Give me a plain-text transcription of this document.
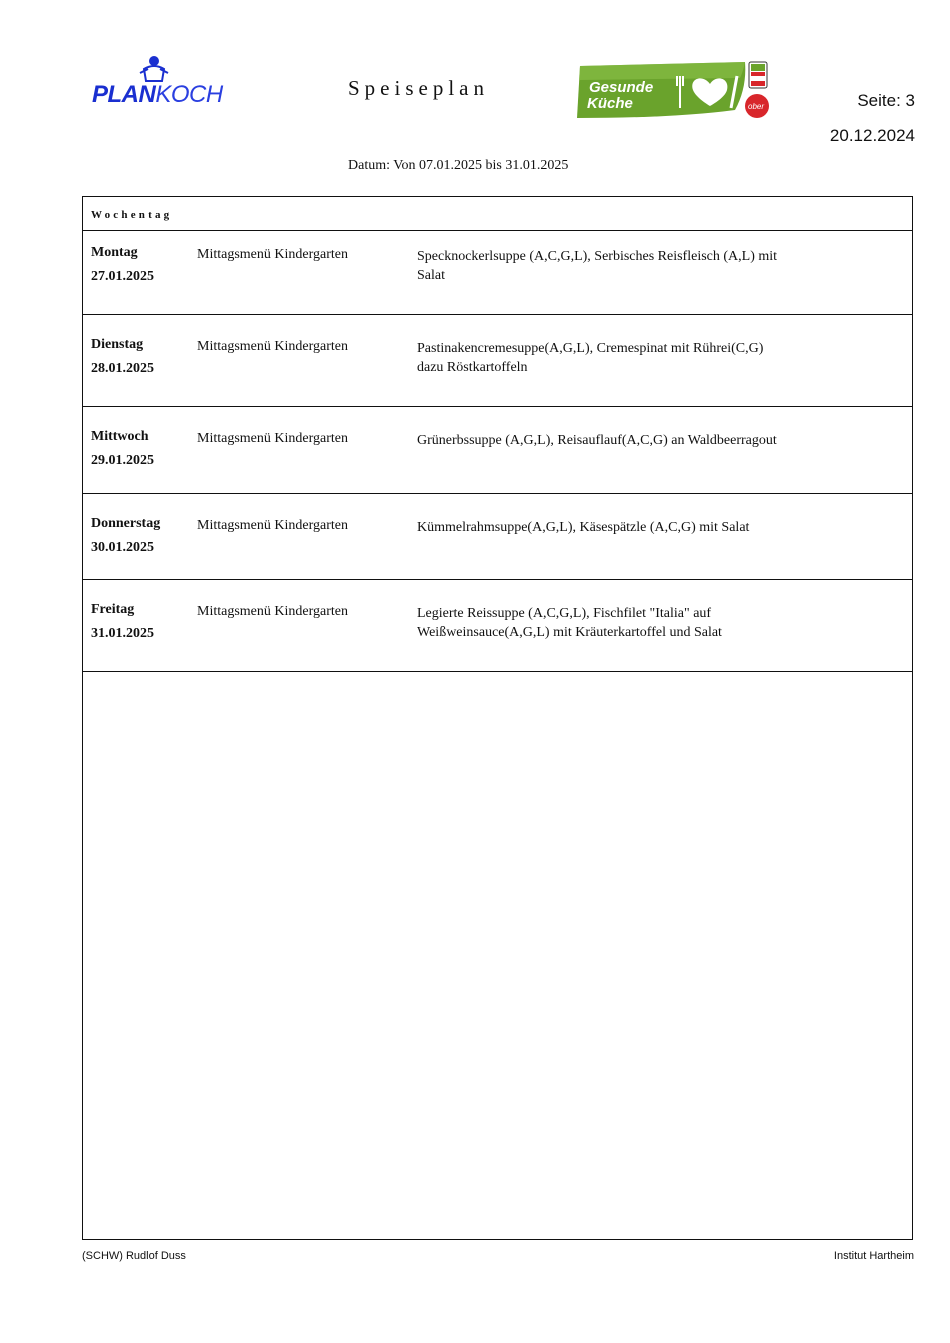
PLANKOCH	Speiseplan	Gesunde
Küche	ober	Seite: 3
20.12.2024
Datum: Von 07.01.2025 bis 31.01.2025
Wochentag
Montag
27.01.2025
Mittagsmenü Kindergarten	Specknockerlsuppe (A,C,G,L), Serbisches Reisfleisch (A,L) mit
Salat
Dienstag
28.01.2025
Mittagsmenü Kindergarten	Pastinakencremesuppe(A,G,L), Cremespinat mit Rührei(C,G)
dazu Röstkartoffeln
Mittwoch
29.01.2025
Mittagsmenü Kindergarten	Grünerbssuppe (A,G,L), Reisauflauf(A,C,G) an Waldbeerragout
Donnerstag
30.01.2025
Mittagsmenü Kindergarten	Kümmelrahmsuppe(A,G,L), Käsespätzle (A,C,G) mit Salat
Freitag
31.01.2025
Mittagsmenü Kindergarten	Legierte Reissuppe (A,C,G,L), Fischfilet "Italia" auf
Weißweinsauce(A,G,L) mit Kräuterkartoffel und Salat
(SCHW) Rudlof Duss	Institut Hartheim
